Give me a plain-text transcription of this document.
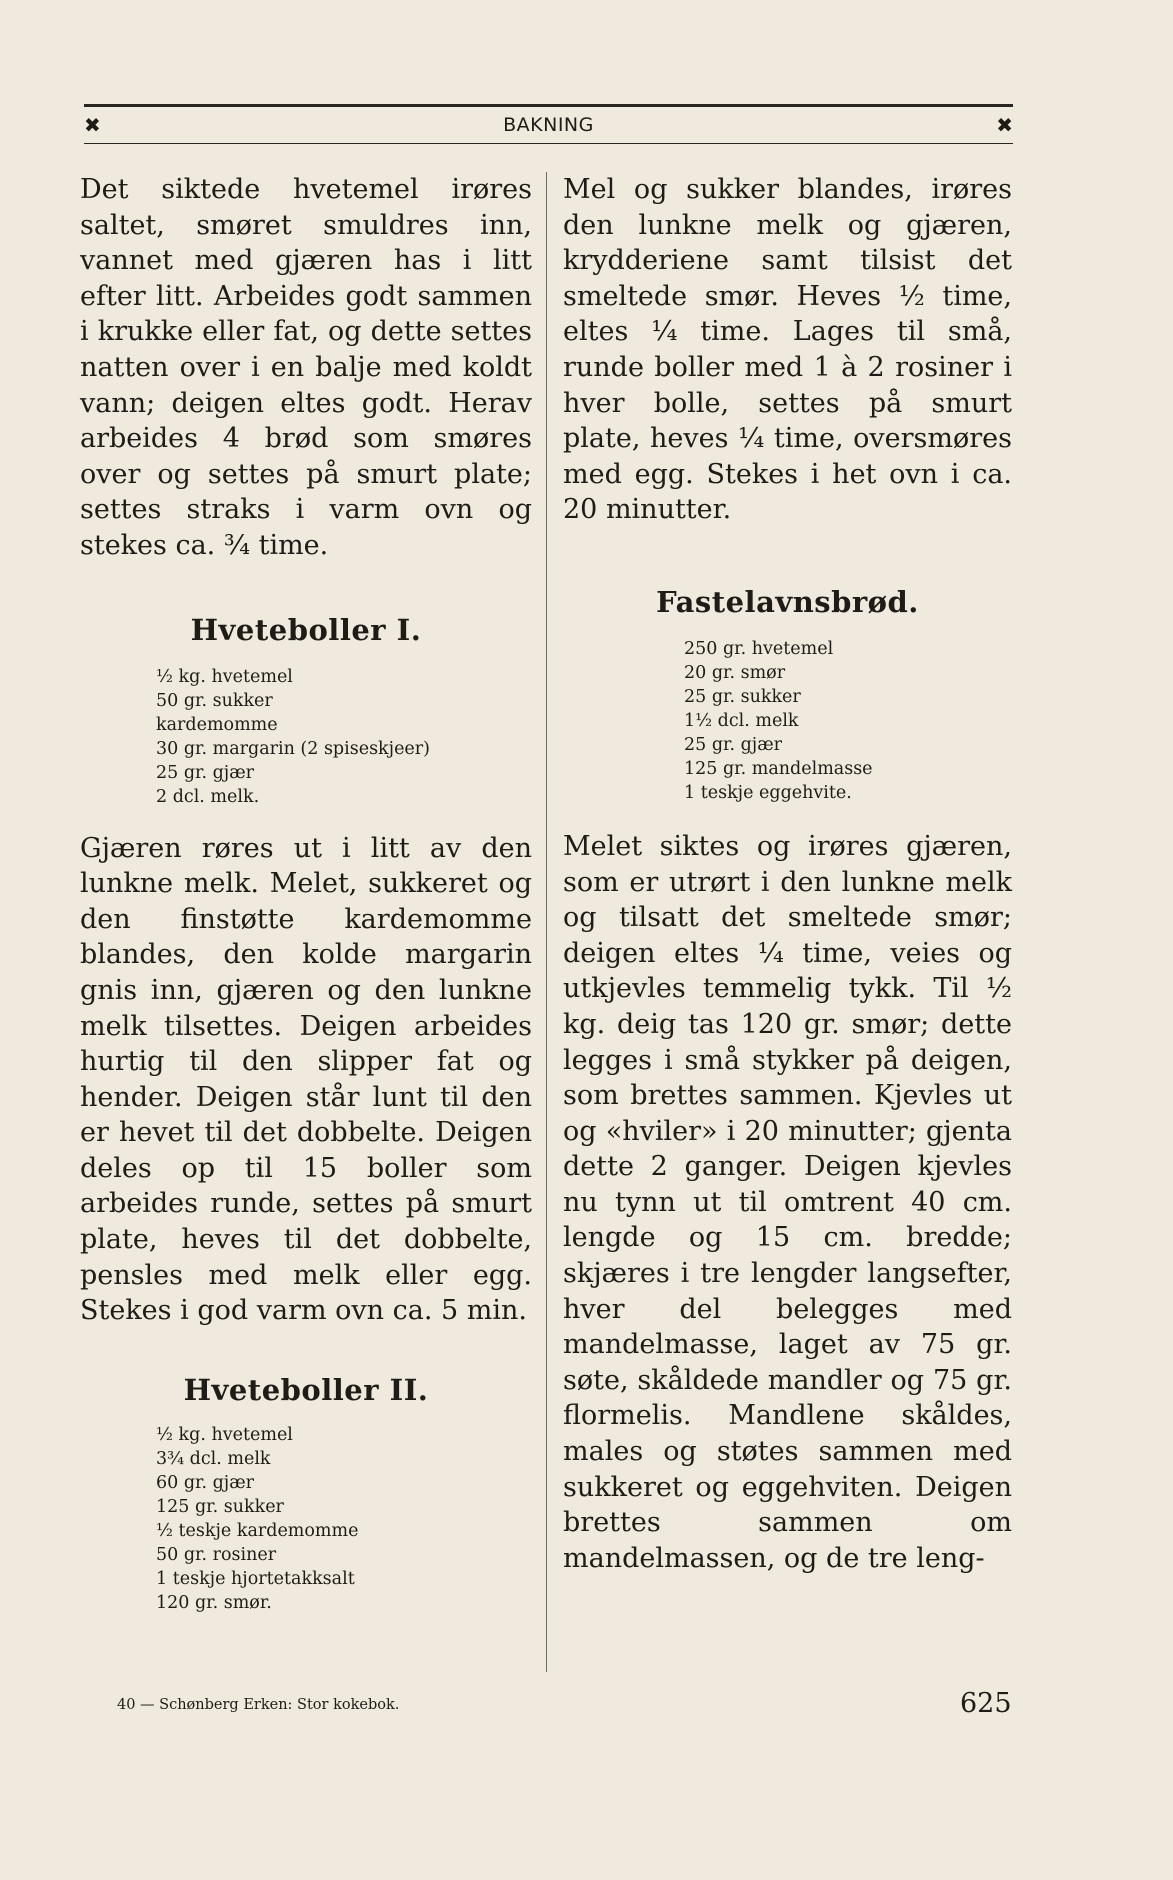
✖	BAKNING	✖

Det siktede hvetemel irøres saltet, smøret smuldres inn, vannet med gjæren has i litt efter litt. Arbeides godt sammen i krukke eller fat, og dette settes natten over i en balje med koldt vann; deigen eltes godt. Herav arbeides 4 brød som smøres over og settes på smurt plate; settes straks i varm ovn og stekes ca. ¾ time.

Hveteboller I.
½ kg. hvetemel
50 gr. sukker
kardemomme
30 gr. margarin (2 spiseskjeer)
25 gr. gjær
2 dcl. melk.

Gjæren røres ut i litt av den lunkne melk. Melet, sukkeret og den finstøtte kardemomme blandes, den kolde margarin gnis inn, gjæren og den lunkne melk tilsettes. Deigen arbeides hurtig til den slipper fat og hender. Deigen står lunt til den er hevet til det dobbelte. Deigen deles op til 15 boller som arbeides runde, settes på smurt plate, heves til det dobbelte, pensles med melk eller egg. Stekes i god varm ovn ca. 5 min.

Hveteboller II.
½ kg. hvetemel
3¾ dcl. melk
60 gr. gjær
125 gr. sukker
½ teskje kardemomme
50 gr. rosiner
1 teskje hjortetakksalt
120 gr. smør.

Mel og sukker blandes, irøres den lunkne melk og gjæren, krydderiene samt tilsist det smeltede smør. Heves ½ time, eltes ¼ time. Lages til små, runde boller med 1 à 2 rosiner i hver bolle, settes på smurt plate, heves ¼ time, oversmøres med egg. Stekes i het ovn i ca. 20 minutter.

Fastelavnsbrød.
250 gr. hvetemel
20 gr. smør
25 gr. sukker
1½ dcl. melk
25 gr. gjær
125 gr. mandelmasse
1 teskje eggehvite.

Melet siktes og irøres gjæren, som er utrørt i den lunkne melk og tilsatt det smeltede smør; deigen eltes ¼ time, veies og utkjevles temmelig tykk. Til ½ kg. deig tas 120 gr. smør; dette legges i små stykker på deigen, som brettes sammen. Kjevles ut og «hviler» i 20 minutter; gjenta dette 2 ganger. Deigen kjevles nu tynn ut til omtrent 40 cm. lengde og 15 cm. bredde; skjæres i tre lengder langsefter, hver del belegges med mandelmasse, laget av 75 gr. søte, skåldede mandler og 75 gr. flormelis. Mandlene skåldes, males og støtes sammen med sukkeret og eggehviten. Deigen brettes sammen om mandelmassen, og de tre leng-

40 — Schønberg Erken: Stor kokebok.	625
